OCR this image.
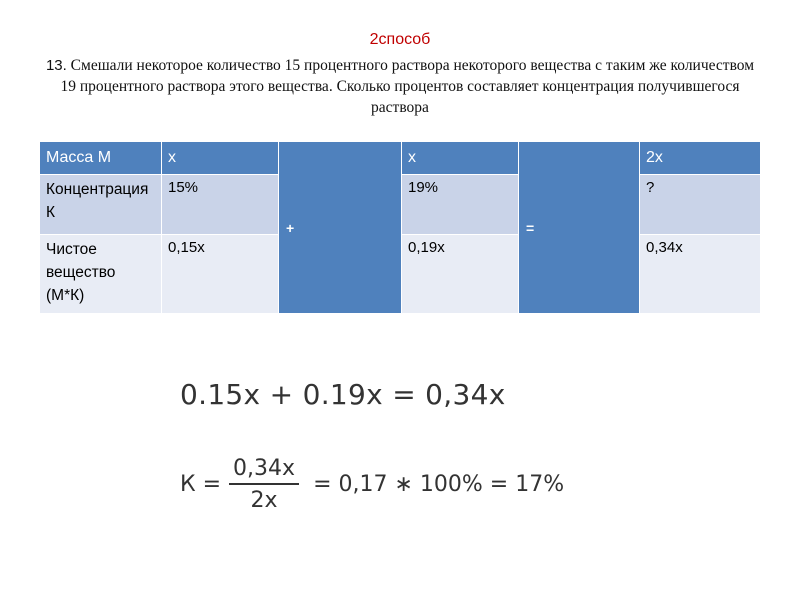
2способ
13. Смешали некоторое количество 15 процентного раствора некоторого вещества с таким же количеством 19 процентного раствора этого вещества. Сколько процентов составляет концентрация получившегося раствора
Масса М	x	+	x	=	2x
Концентрация К	15%		19%		?
Чистое вещество (М*К)	0,15x		0,19x		0,34x
0.15x + 0.19x = 0,34x
$К = \frac{0,34x}{2x} = 0,17$ ∗ 100% = 17%
